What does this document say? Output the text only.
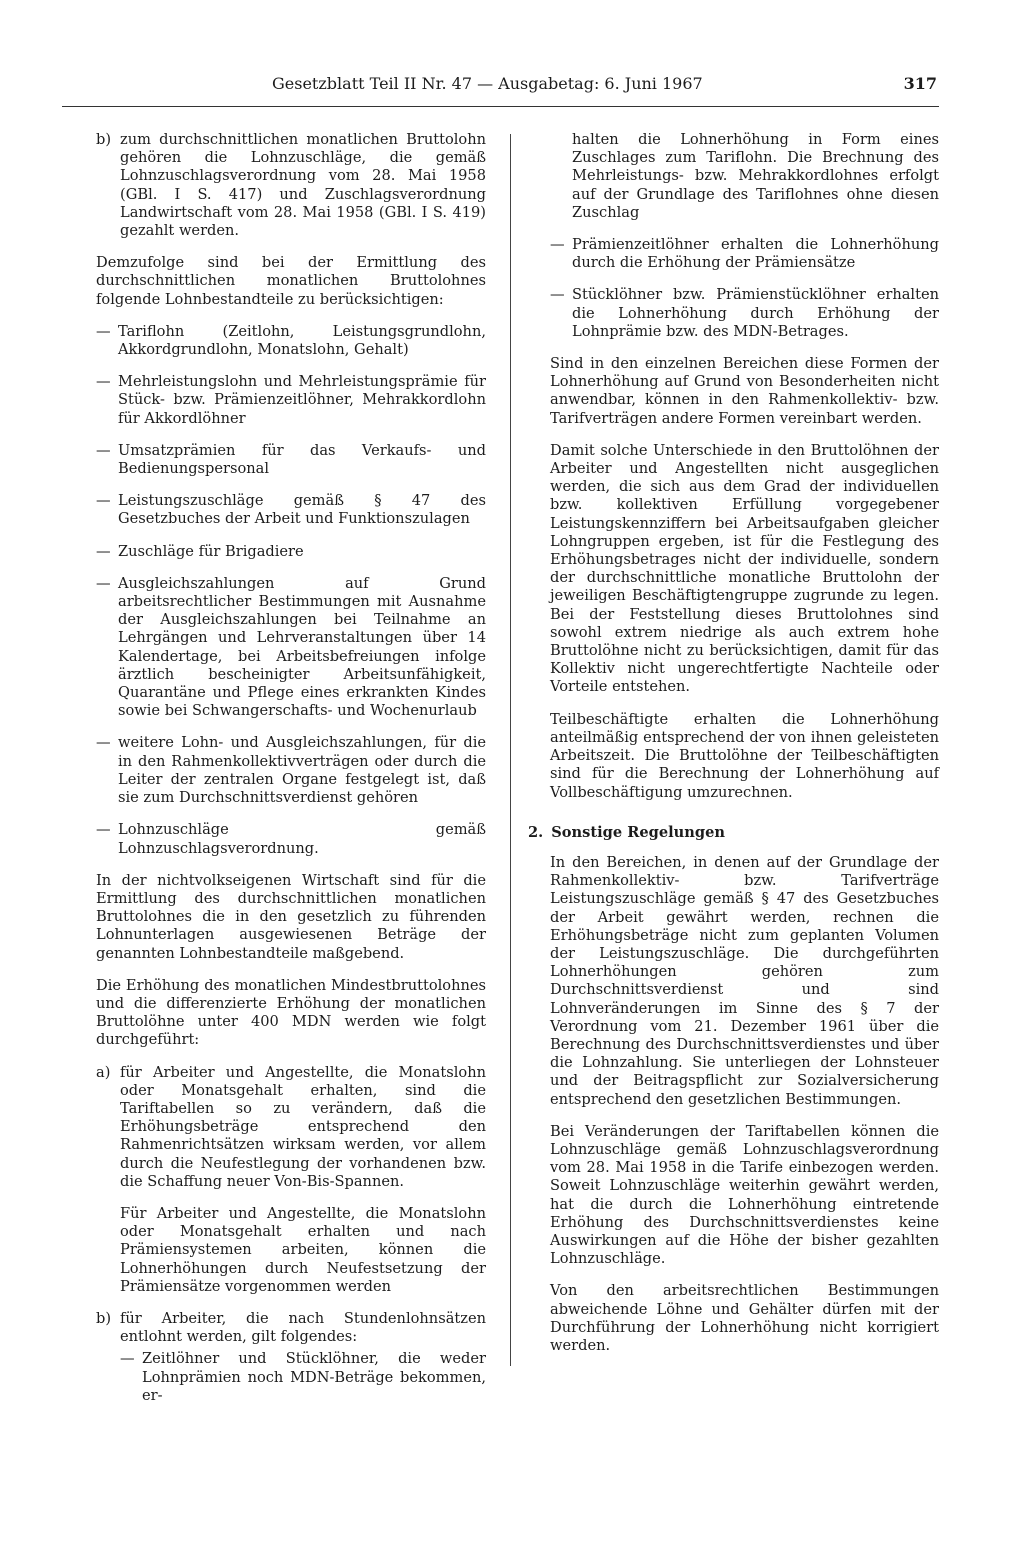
Gesetzblatt Teil II Nr. 47 — Ausgabetag: 6. Juni 1967	317
b) zum durchschnittlichen monatlichen Bruttolohn gehören die Lohnzuschläge, die gemäß Lohnzuschlagsverordnung vom 28. Mai 1958 (GBl. I S. 417) und Zuschlagsverordnung Landwirtschaft vom 28. Mai 1958 (GBl. I S. 419) gezahlt werden.

Demzufolge sind bei der Ermittlung des durchschnittlichen monatlichen Bruttolohnes folgende Lohnbestandteile zu berücksichtigen:

— Tariflohn (Zeitlohn, Leistungsgrundlohn, Akkordgrundlohn, Monatslohn, Gehalt)
— Mehrleistungslohn und Mehrleistungsprämie für Stück- bzw. Prämienzeitlöhner, Mehrakkordlohn für Akkordlöhner
— Umsatzprämien für das Verkaufs- und Bedienungspersonal
— Leistungszuschläge gemäß § 47 des Gesetzbuches der Arbeit und Funktionszulagen
— Zuschläge für Brigadiere
— Ausgleichszahlungen auf Grund arbeitsrechtlicher Bestimmungen mit Ausnahme der Ausgleichszahlungen bei Teilnahme an Lehrgängen und Lehrveranstaltungen über 14 Kalendertage, bei Arbeitsbefreiungen infolge ärztlich bescheinigter Arbeitsunfähigkeit, Quarantäne und Pflege eines erkrankten Kindes sowie bei Schwangerschafts- und Wochenurlaub
— weitere Lohn- und Ausgleichszahlungen, für die in den Rahmenkollektivverträgen oder durch die Leiter der zentralen Organe festgelegt ist, daß sie zum Durchschnittsverdienst gehören
— Lohnzuschläge gemäß Lohnzuschlagsverordnung.

In der nichtvolkseigenen Wirtschaft sind für die Ermittlung des durchschnittlichen monatlichen Bruttolohnes die in den gesetzlich zu führenden Lohnunterlagen ausgewiesenen Beträge der genannten Lohnbestandteile maßgebend.

Die Erhöhung des monatlichen Mindestbruttolohnes und die differenzierte Erhöhung der monatlichen Bruttolöhne unter 400 MDN werden wie folgt durchgeführt:

a) für Arbeiter und Angestellte, die Monatslohn oder Monatsgehalt erhalten, sind die Tariftabellen so zu verändern, daß die Erhöhungsbeträge entsprechend den Rahmenrichtsätzen wirksam werden, vor allem durch die Neufestlegung der vorhandenen bzw. die Schaffung neuer Von-Bis-Spannen.
Für Arbeiter und Angestellte, die Monatslohn oder Monatsgehalt erhalten und nach Prämiensystemen arbeiten, können die Lohnerhöhungen durch Neufestsetzung der Prämiensätze vorgenommen werden
b) für Arbeiter, die nach Stundenlohnsätzen entlohnt werden, gilt folgendes:
— Zeitlöhner und Stücklöhner, die weder Lohnprämien noch MDN-Beträge bekommen, er-
halten die Lohnerhöhung in Form eines Zuschlages zum Tariflohn. Die Brechnung des Mehrleistungs- bzw. Mehrakkordlohnes erfolgt auf der Grundlage des Tariflohnes ohne diesen Zuschlag
— Prämienzeitlöhner erhalten die Lohnerhöhung durch die Erhöhung der Prämiensätze
— Stücklöhner bzw. Prämienstücklöhner erhalten die Lohnerhöhung durch Erhöhung der Lohnprämie bzw. des MDN-Betrages.

Sind in den einzelnen Bereichen diese Formen der Lohnerhöhung auf Grund von Besonderheiten nicht anwendbar, können in den Rahmenkollektiv- bzw. Tarifverträgen andere Formen vereinbart werden.

Damit solche Unterschiede in den Bruttolöhnen der Arbeiter und Angestellten nicht ausgeglichen werden, die sich aus dem Grad der individuellen bzw. kollektiven Erfüllung vorgegebener Leistungskennziffern bei Arbeitsaufgaben gleicher Lohngruppen ergeben, ist für die Festlegung des Erhöhungsbetrages nicht der individuelle, sondern der durchschnittliche monatliche Bruttolohn der jeweiligen Beschäftigtengruppe zugrunde zu legen. Bei der Feststellung dieses Bruttolohnes sind sowohl extrem niedrige als auch extrem hohe Bruttolöhne nicht zu berücksichtigen, damit für das Kollektiv nicht ungerechtfertigte Nachteile oder Vorteile entstehen.

Teilbeschäftigte erhalten die Lohnerhöhung anteilmäßig entsprechend der von ihnen geleisteten Arbeitszeit. Die Bruttolöhne der Teilbeschäftigten sind für die Berechnung der Lohnerhöhung auf Vollbeschäftigung umzurechnen.

2. Sonstige Regelungen

In den Bereichen, in denen auf der Grundlage der Rahmenkollektiv- bzw. Tarifverträge Leistungszuschläge gemäß § 47 des Gesetzbuches der Arbeit gewährt werden, rechnen die Erhöhungsbeträge nicht zum geplanten Volumen der Leistungszuschläge. Die durchgeführten Lohnerhöhungen gehören zum Durchschnittsverdienst und sind Lohnveränderungen im Sinne des § 7 der Verordnung vom 21. Dezember 1961 über die Berechnung des Durchschnittsverdienstes und über die Lohnzahlung. Sie unterliegen der Lohnsteuer und der Beitragspflicht zur Sozialversicherung entsprechend den gesetzlichen Bestimmungen.

Bei Veränderungen der Tariftabellen können die Lohnzuschläge gemäß Lohnzuschlagsverordnung vom 28. Mai 1958 in die Tarife einbezogen werden. Soweit Lohnzuschläge weiterhin gewährt werden, hat die durch die Lohnerhöhung eintretende Erhöhung des Durchschnittsverdienstes keine Auswirkungen auf die Höhe der bisher gezahlten Lohnzuschläge.

Von den arbeitsrechtlichen Bestimmungen abweichende Löhne und Gehälter dürfen mit der Durchführung der Lohnerhöhung nicht korrigiert werden.
